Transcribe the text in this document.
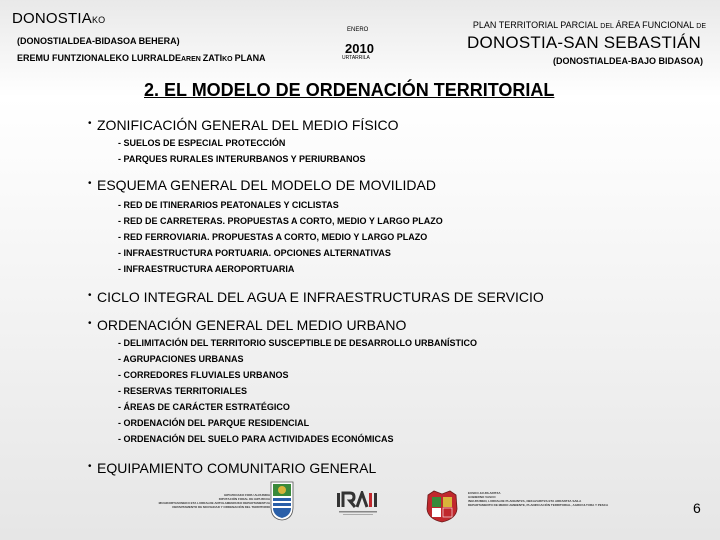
DONOSTIAKO
(DONOSTIALDEA-BIDASOA BEHERA)
EREMU FUNTZIONALEKO LURRALDEAREN ZATIKO PLANA
ENERO
2010
URTARRILA
PLAN TERRITORIAL PARCIAL DEL ÁREA FUNCIONAL DE
DONOSTIA-SAN SEBASTIÁN
(DONOSTIALDEA-BAJO BIDASOA)
2. EL MODELO DE ORDENACIÓN TERRITORIAL
• ZONIFICACIÓN GENERAL DEL MEDIO FÍSICO
- SUELOS DE ESPECIAL PROTECCIÓN
- PARQUES RURALES INTERURBANOS Y PERIURBANOS
• ESQUEMA GENERAL DEL MODELO DE MOVILIDAD
- RED DE ITINERARIOS PEATONALES Y CICLISTAS
- RED DE CARRETERAS. PROPUESTAS A CORTO, MEDIO Y LARGO PLAZO
- RED FERROVIARIA. PROPUESTAS A CORTO, MEDIO Y LARGO PLAZO
- INFRAESTRUCTURA PORTUARIA. OPCIONES ALTERNATIVAS
- INFRAESTRUCTURA AEROPORTUARIA
• CICLO INTEGRAL DEL AGUA E INFRAESTRUCTURAS DE SERVICIO
• ORDENACIÓN GENERAL DEL MEDIO URBANO
- DELIMITACIÓN DEL TERRITORIO SUSCEPTIBLE DE DESARROLLO URBANÍSTICO
- AGRUPACIONES URBANAS
- CORREDORES FLUVIALES URBANOS
- RESERVAS TERRITORIALES
- ÁREAS DE CARÁCTER ESTRATÉGICO
- ORDENACIÓN DEL PARQUE RESIDENCIAL
- ORDENACIÓN DEL SUELO PARA ACTIVIDADES ECONÓMICAS
• EQUIPAMIENTO COMUNITARIO GENERAL
GIPUZKOAKO FORU ALDUNDIA
DIPUTACIÓN FORAL DE GIPUZKOA
MUGIKORTASUNEKO ETA LURRALDE ANTOLAMENDUKO DEPARTAMENTUA
DEPARTAMENTO DE MOVILIDAD Y ORDENACIÓN DEL TERRITORIO
EUSKO JAURLARITZA
GOBIERNO VASCO
INGURUMEN, LURRALDE PLANGINTZA, NEKAZARITZA ETA ARRANTZA SAILA
DEPARTAMENTO DE MEDIO AMBIENTE, PLANIFICACIÓN TERRITORIAL, AGRICULTURA Y PESCA	6
